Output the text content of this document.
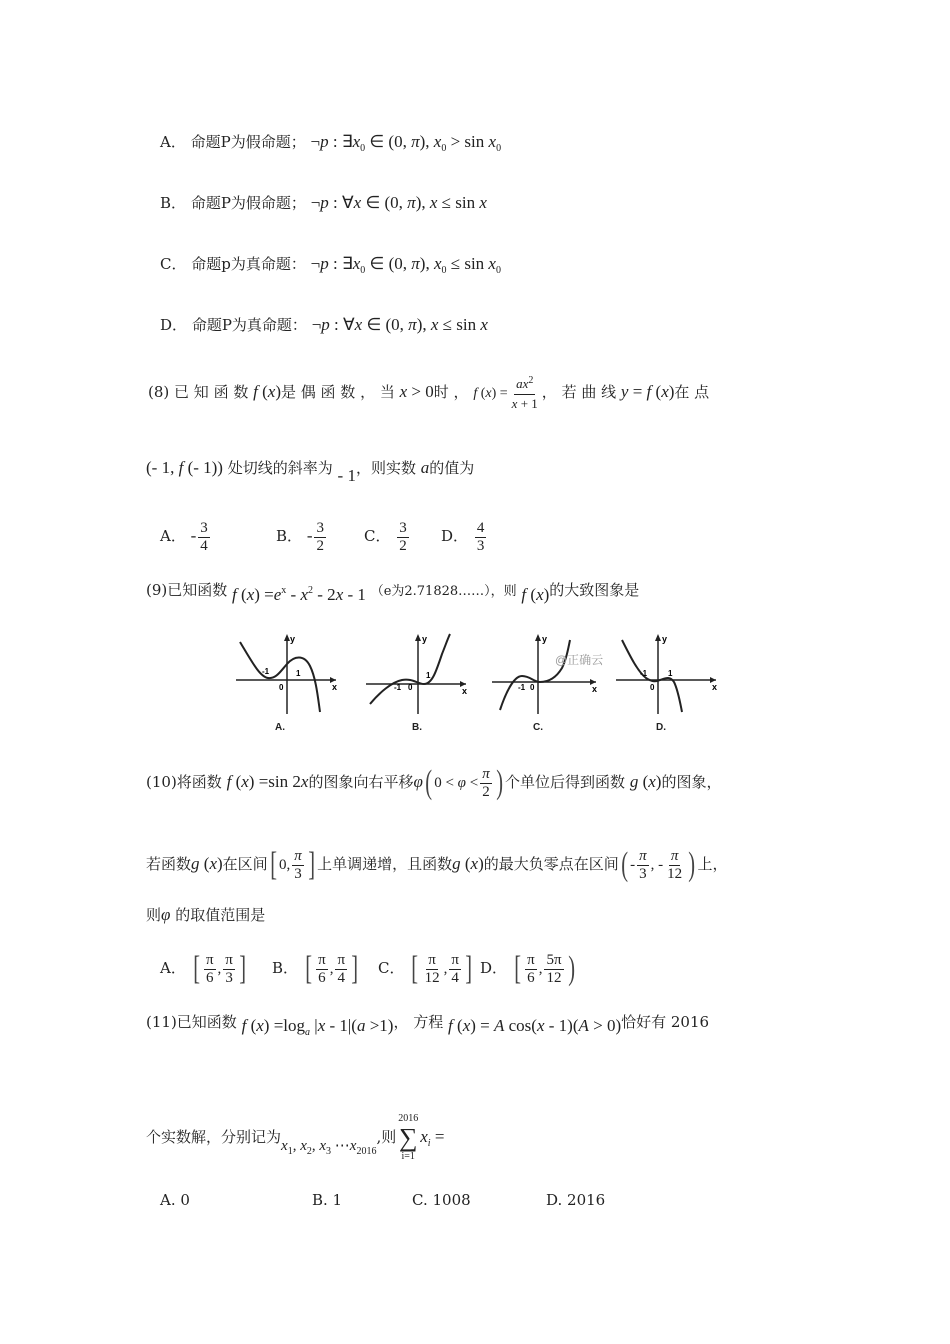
A． 命题P为假命题； ¬p : $\exists x_0$ ∈ (0, π), $x_0 > \sin x_0$
B． 命题P为假命题； ¬p : ∀x ∈ (0, π), x ≤ sin x
C． 命题p为真命题： ¬p : $\exists x_0$ ∈ (0, π), $x_0 \le \sin x_0$
D． 命题P为真命题： ¬p : ∀x ∈ (0, π), x ≤ sin x
(8) 已 知 函 数 f (x)是 偶 函 数 ， 当 x > 0时 ， f $(x) = \frac{ax^2}{x + 1}$ ， 若 曲 线 y = f (x)在 点
(- 1, f (- 1)) 处切线的斜率为 - 1，则实数 a的值为
A． - $\frac{3}{4}$	B． - $\frac{3}{2}$	C． $\frac{3}{2}$ D． $\frac{4}{3}$
(9)已知函数 f $(x) =e^x - x^2 - 2x - 1$ （e为2.71828……），则 f (x)的大致图象是
y
x
-1
0
1
A.
y
x
-1 0
1
B.
y
x
-1 0
@正确云
C.
y
x
-1
0
1
D.
(10)将函数 f (x) =sin 2x的图象向右平移φ( $0 < \varphi < \frac{\pi}{2}$ ) 个单位后得到函数 g (x)的图象，
若函数g (x)在区间[ 0, $\frac{\pi}{3}$ ] 上单调递增，且函数g (x)的最大负零点在区间( - $\frac{\pi}{3}$ , - $\frac{\pi}{12}$ ) 上，
则φ 的取值范围是
A． [ $\frac{\pi}{6}$ , $\frac{\pi}{3}$ ] B． [ $\frac{\pi}{6}$ , $\frac{\pi}{4}$ ] C． [ $\frac{\pi}{12}$ , $\frac{\pi}{4}$ ] D． [ $\frac{\pi}{6}$ , $\frac{5\pi}{12}$ )
(11)已知函数 f $(x) =\log_a$ |x - 1|(a >1)， 方程 f (x) = A cos(x - 1)(A > 0)恰好有 2016
个实数解，分别记为$x_1$, $x_2$, $x_3$ $\cdots x_{2016}$,则
2016
∑
i=1
$x_i$ =
A. 0	B. 1	C. 1008	D. 2016
